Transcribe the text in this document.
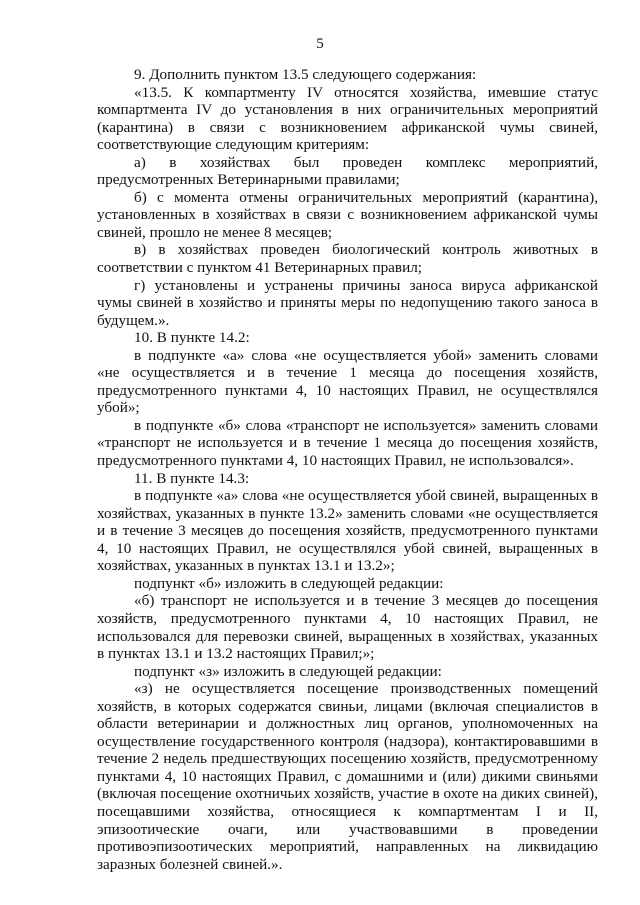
5

9. Дополнить пунктом 13.5 следующего содержания:

«13.5. К компартменту IV относятся хозяйства, имевшие статус компартмента IV до установления в них ограничительных мероприятий (карантина) в связи с возникновением африканской чумы свиней, соответствующие следующим критериям:

а) в хозяйствах был проведен комплекс мероприятий, предусмотренных Ветеринарными правилами;

б) с момента отмены ограничительных мероприятий (карантина), установленных в хозяйствах в связи с возникновением африканской чумы свиней, прошло не менее 8 месяцев;

в) в хозяйствах проведен биологический контроль животных в соответствии с пунктом 41 Ветеринарных правил;

г) установлены и устранены причины заноса вируса африканской чумы свиней в хозяйство и приняты меры по недопущению такого заноса в будущем.».

10. В пункте 14.2:

в подпункте «а» слова «не осуществляется убой» заменить словами «не осуществляется и в течение 1 месяца до посещения хозяйств, предусмотренного пунктами 4, 10 настоящих Правил, не осуществлялся убой»;

в подпункте «б» слова «транспорт не используется» заменить словами «транспорт не используется и в течение 1 месяца до посещения хозяйств, предусмотренного пунктами 4, 10 настоящих Правил, не использовался».

11. В пункте 14.3:

в подпункте «а» слова «не осуществляется убой свиней, выращенных в хозяйствах, указанных в пункте 13.2» заменить словами «не осуществляется и в течение 3 месяцев до посещения хозяйств, предусмотренного пунктами 4, 10 настоящих Правил, не осуществлялся убой свиней, выращенных в хозяйствах, указанных в пунктах 13.1 и 13.2»;

подпункт «б» изложить в следующей редакции:

«б) транспорт не используется и в течение 3 месяцев до посещения хозяйств, предусмотренного пунктами 4, 10 настоящих Правил, не использовался для перевозки свиней, выращенных в хозяйствах, указанных в пунктах 13.1 и 13.2 настоящих Правил;»;

подпункт «з» изложить в следующей редакции:

«з) не осуществляется посещение производственных помещений хозяйств, в которых содержатся свиньи, лицами (включая специалистов в области ветеринарии и должностных лиц органов, уполномоченных на осуществление государственного контроля (надзора), контактировавшими в течение 2 недель предшествующих посещению хозяйств, предусмотренному пунктами 4, 10 настоящих Правил, с домашними и (или) дикими свиньями (включая посещение охотничьих хозяйств, участие в охоте на диких свиней), посещавшими хозяйства, относящиеся к компартментам I и II, эпизоотические очаги, или участвовавшими в проведении противоэпизоотических мероприятий, направленных на ликвидацию заразных болезней свиней.».
